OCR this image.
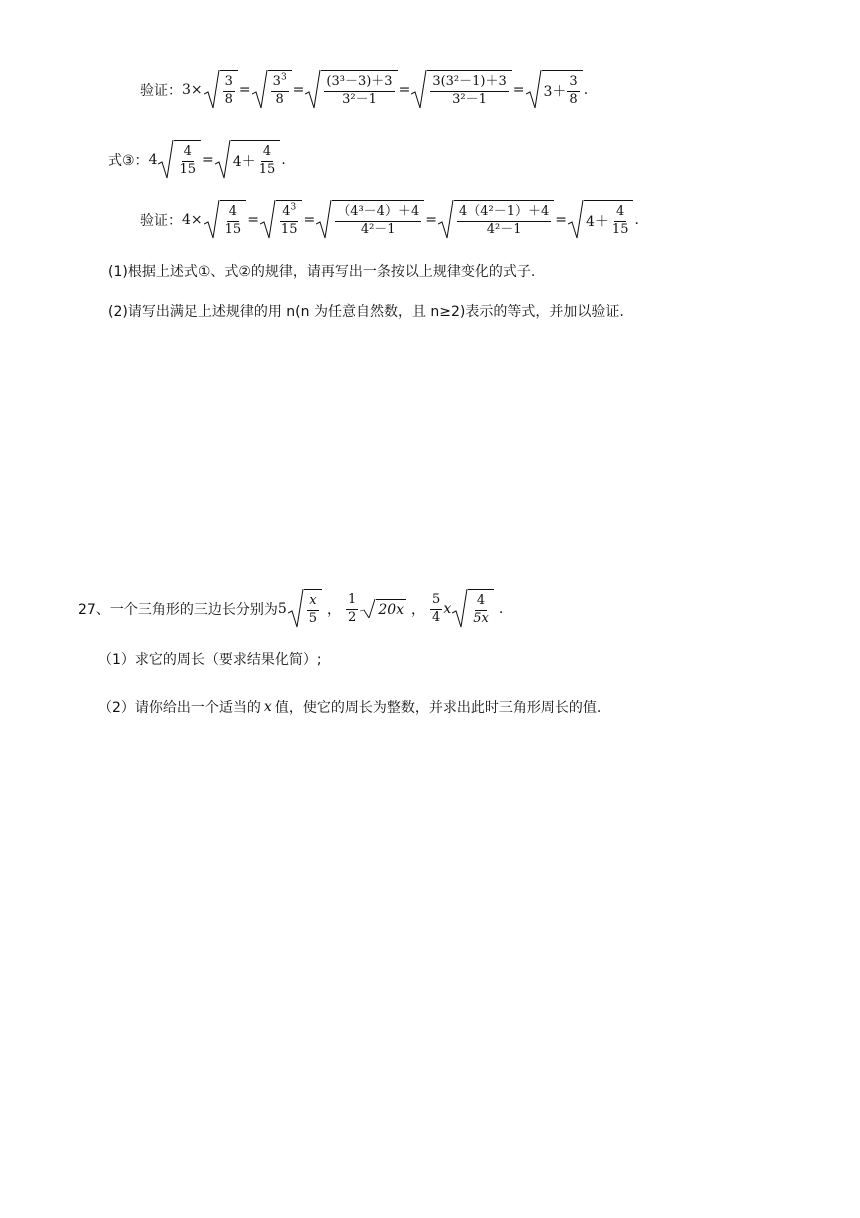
验证： $3\times \frac{3}{8} = \frac{3^3}{8} = \frac{\text{(3³－3)＋3}}{\text{3²－1}} = \frac{\text{3(3²－1)＋3}}{\text{3²－1}} = 3+ \frac{3}{8}$ .
式③： $4 \frac{4}{15} = 4+ \frac{4}{15}$ .
验证： $4\times \frac{4}{15} = \frac{4^3}{15} = \frac{\text{（4³－4）＋4}}{\text{4²－1}} = \frac{\text{4（4²－1）＋4}}{\text{4²－1}} = 4+ \frac{4}{15}$ .
(1)根据上述式①、式②的规律，请再写出一条按以上规律变化的式子.
(2)请写出满足上述规律的用 n(n 为任意自然数，且 n≥2)表示的等式，并加以验证.
27、一个三角形的三边长分别为 $5 \frac{x}{5}$ ， $\frac{1}{2} 20x$ ， $\frac{5}{4}$ x $\frac{4}{5x}$ .
（1）求它的周长（要求结果化简）;
（2）请你给出一个适当的 x 值，使它的周长为整数，并求出此时三角形周长的值.
